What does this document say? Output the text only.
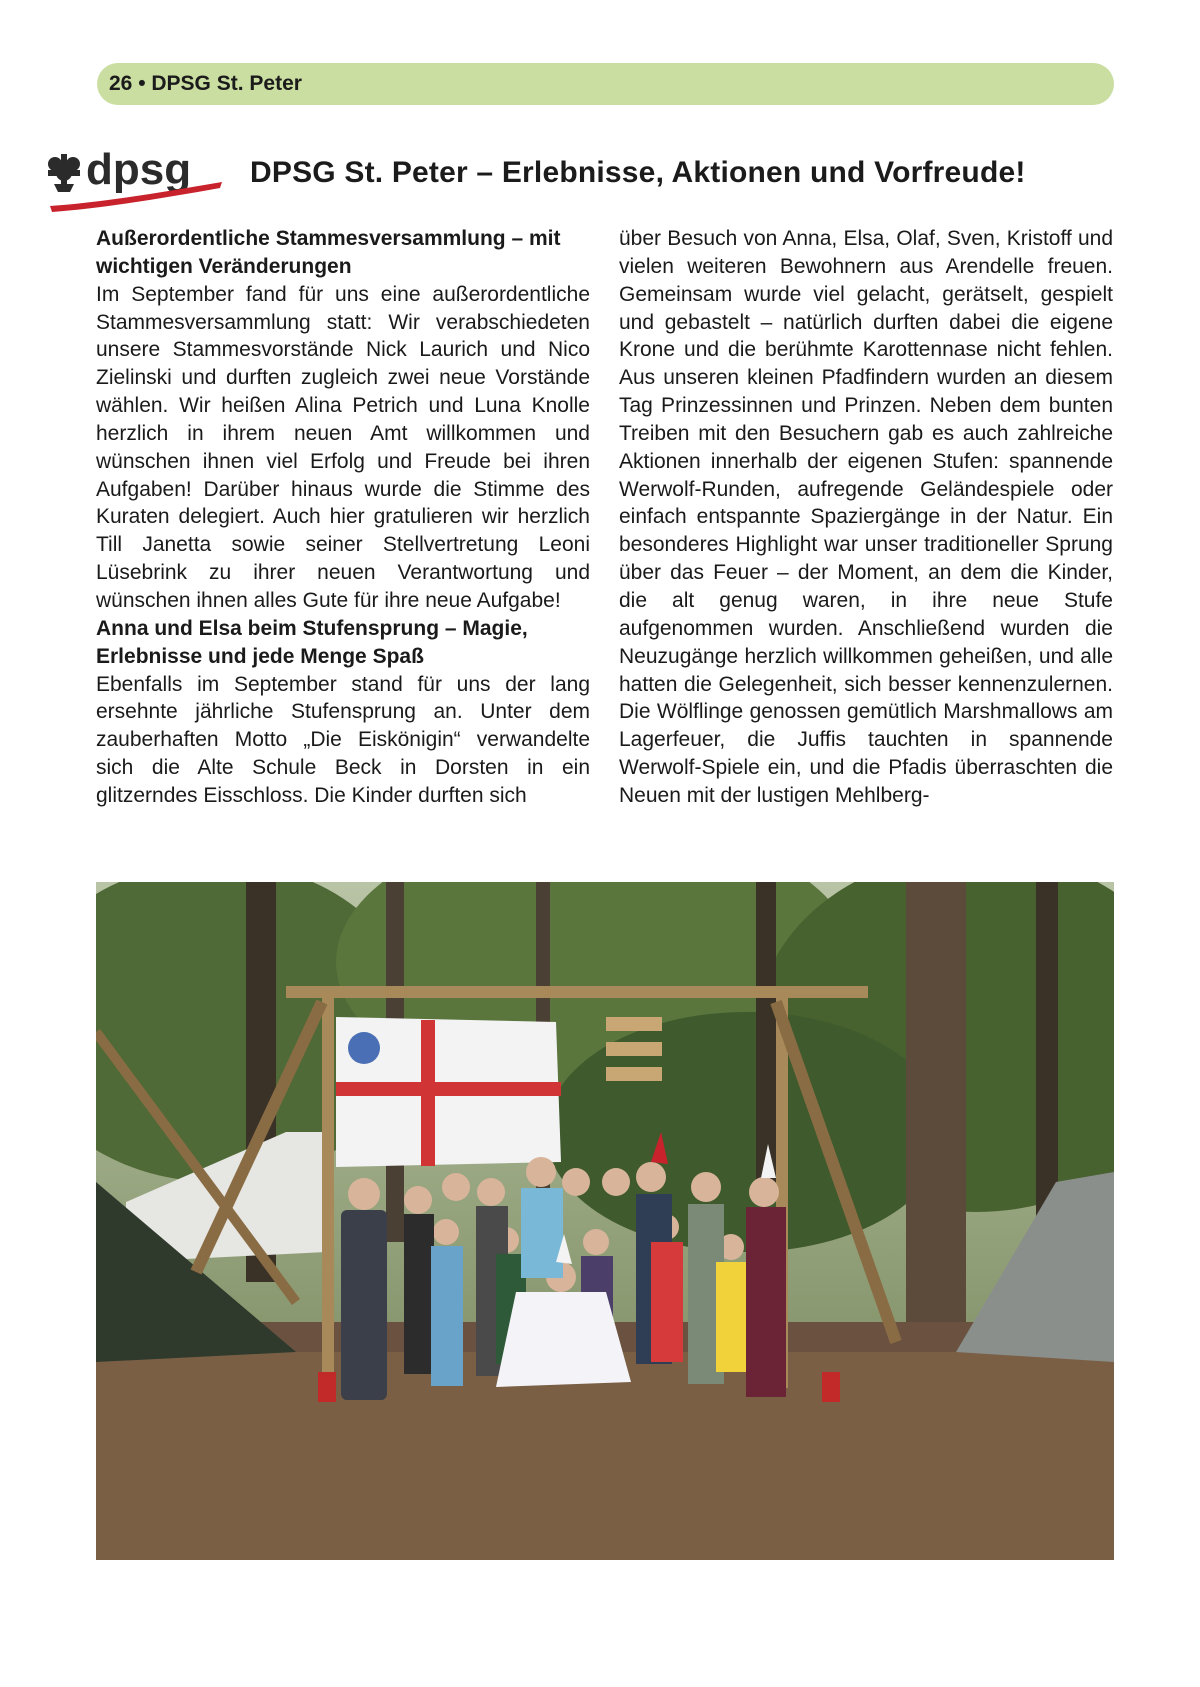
26 • DPSG St. Peter
dpsg DPSG St. Peter – Erlebnisse, Aktionen und Vorfreude!
Außerordentliche Stammesversammlung – mit wichtigen Veränderungen

Im September fand für uns eine außerordentliche Stammesversammlung statt: Wir verabschiedeten unsere Stammesvorstände Nick Laurich und Nico Zielinski und durften zugleich zwei neue Vorstände wählen. Wir heißen Alina Petrich und Luna Knolle herzlich in ihrem neuen Amt willkommen und wünschen ihnen viel Erfolg und Freude bei ihren Aufgaben! Darüber hinaus wurde die Stimme des Kuraten delegiert. Auch hier gratulieren wir herzlich Till Janetta sowie seiner Stellvertretung Leoni Lüsebrink zu ihrer neuen Verantwortung und wünschen ihnen alles Gute für ihre neue Aufgabe!

Anna und Elsa beim Stufensprung – Magie, Erlebnisse und jede Menge Spaß

Ebenfalls im September stand für uns der lang ersehnte jährliche Stufensprung an. Unter dem zauberhaften Motto „Die Eiskönigin“ verwandelte sich die Alte Schule Beck in Dorsten in ein glitzerndes Eisschloss. Die Kinder durften sich

über Besuch von Anna, Elsa, Olaf, Sven, Kristoff und vielen weiteren Bewohnern aus Arendelle freuen. Gemeinsam wurde viel gelacht, gerätselt, gespielt und gebastelt – natürlich durften dabei die eigene Krone und die berühmte Karottennase nicht fehlen. Aus unseren kleinen Pfadfindern wurden an diesem Tag Prinzessinnen und Prinzen. Neben dem bunten Treiben mit den Besuchern gab es auch zahlreiche Aktionen innerhalb der eigenen Stufen: spannende Werwolf-Runden, aufregende Geländespiele oder einfach entspannte Spaziergänge in der Natur. Ein besonderes Highlight war unser traditioneller Sprung über das Feuer – der Moment, an dem die Kinder, die alt genug waren, in ihre neue Stufe aufgenommen wurden. Anschließend wurden die Neuzugänge herzlich willkommen geheißen, und alle hatten die Gelegenheit, sich besser kennenzulernen. Die Wölflinge genossen gemütlich Marshmallows am Lagerfeuer, die Juffis tauchten in spannende Werwolf-Spiele ein, und die Pfadis überraschten die Neuen mit der lustigen Mehlberg-
